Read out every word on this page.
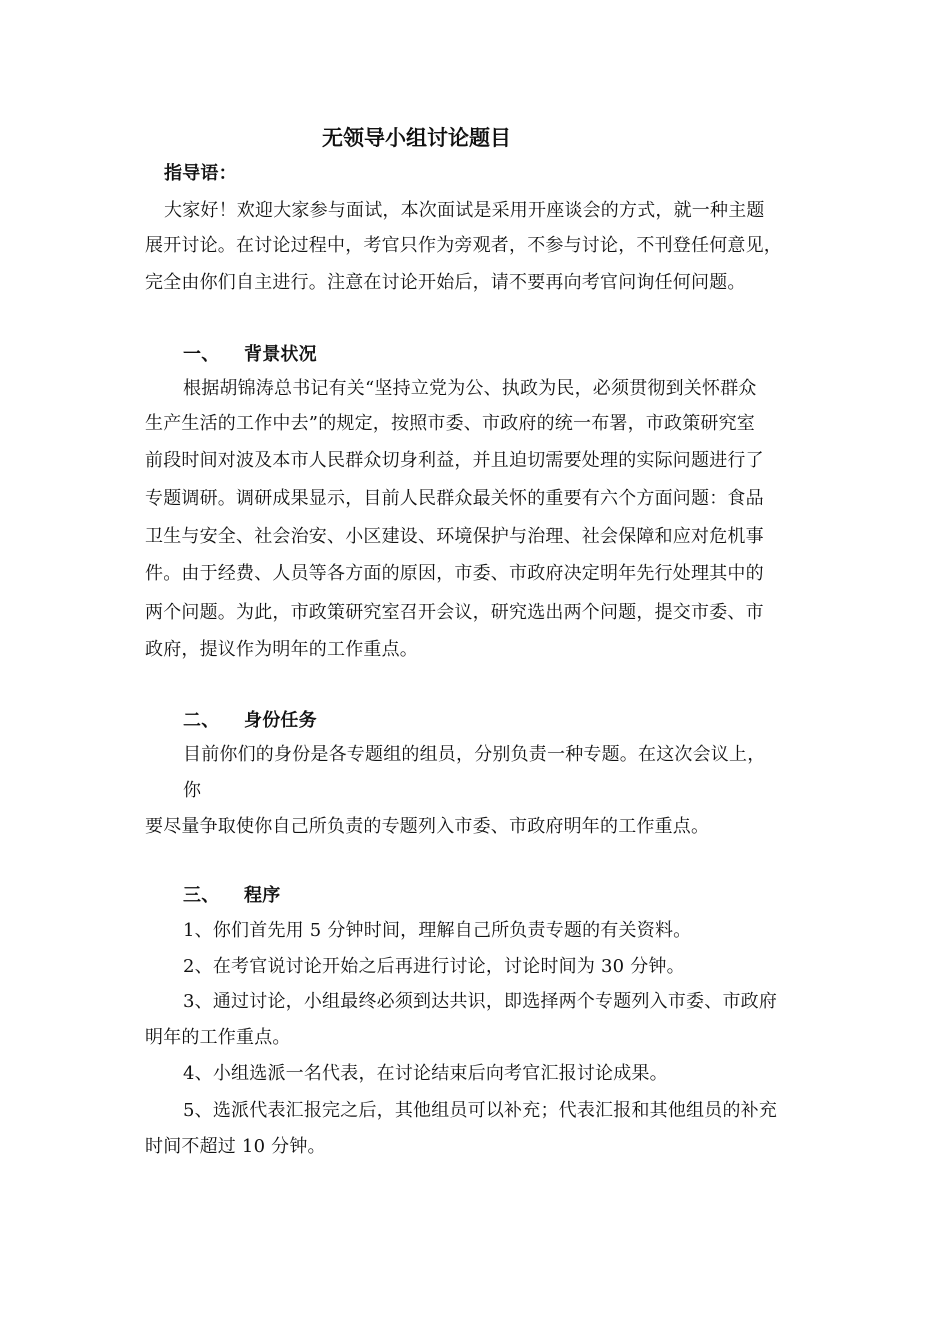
无领导小组讨论题目
指导语：
大家好！欢迎大家参与面试，本次面试是采用开座谈会的方式，就一种主题
展开讨论。在讨论过程中，考官只作为旁观者，不参与讨论，不刊登任何意见，
完全由你们自主进行。注意在讨论开始后，请不要再向考官问询任何问题。
一、 背景状况
根据胡锦涛总书记有关“坚持立党为公、执政为民，必须贯彻到关怀群众
生产生活的工作中去”的规定，按照市委、市政府的统一布署，市政策研究室
前段时间对波及本市人民群众切身利益，并且迫切需要处理的实际问题进行了
专题调研。调研成果显示，目前人民群众最关怀的重要有六个方面问题：食品
卫生与安全、社会治安、小区建设、环境保护与治理、社会保障和应对危机事
件。由于经费、人员等各方面的原因，市委、市政府决定明年先行处理其中的
两个问题。为此，市政策研究室召开会议，研究选出两个问题，提交市委、市
政府，提议作为明年的工作重点。
二、 身份任务
目前你们的身份是各专题组的组员，分别负责一种专题。在这次会议上，
你
要尽量争取使你自己所负责的专题列入市委、市政府明年的工作重点。
三、 程序
1、你们首先用 5 分钟时间，理解自己所负责专题的有关资料。
2、在考官说讨论开始之后再进行讨论，讨论时间为 30 分钟。
3、通过讨论，小组最终必须到达共识，即选择两个专题列入市委、市政府
明年的工作重点。
4、小组选派一名代表，在讨论结束后向考官汇报讨论成果。
5、选派代表汇报完之后，其他组员可以补充；代表汇报和其他组员的补充
时间不超过 10 分钟。
